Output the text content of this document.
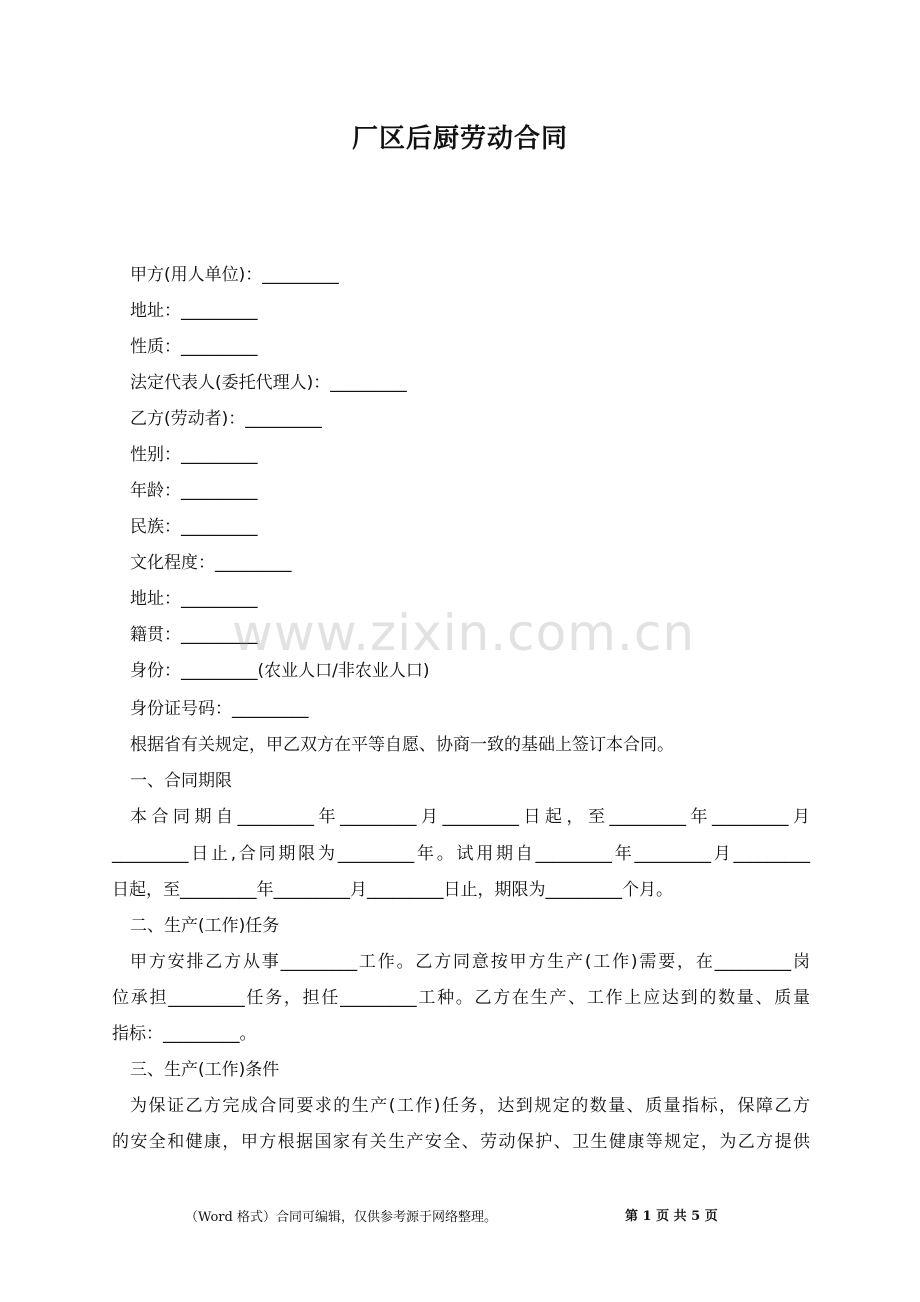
厂区后厨劳动合同
甲方(用人单位)：_________
地址：_________
性质：_________
法定代表人(委托代理人)：_________
乙方(劳动者)：_________
性别：_________
年龄：_________
民族：_________
文化程度：_________
地址：_________
籍贯：_________
身份：_________(农业人口/非农业人口)
身份证号码：_________
根据省有关规定，甲乙双方在平等自愿、协商一致的基础上签订本合同。
一、合同期限
本合同期自_________年_________月_________日起，至_________年_________月
_________日止,合同期限为_________年。试用期自_________年_________月_________
日起，至_________年_________月_________日止，期限为_________个月。
二、生产(工作)任务
甲方安排乙方从事_________工作。乙方同意按甲方生产(工作)需要，在_________岗
位承担_________任务，担任_________工种。乙方在生产、工作上应达到的数量、质量
指标：_________。
三、生产(工作)条件
为保证乙方完成合同要求的生产(工作)任务，达到规定的数量、质量指标，保障乙方
的安全和健康，甲方根据国家有关生产安全、劳动保护、卫生健康等规定，为乙方提供
www.zixin.com.cn
（Word 格式）合同可编辑，仅供参考源于网络整理。	第 1 页 共 5 页
